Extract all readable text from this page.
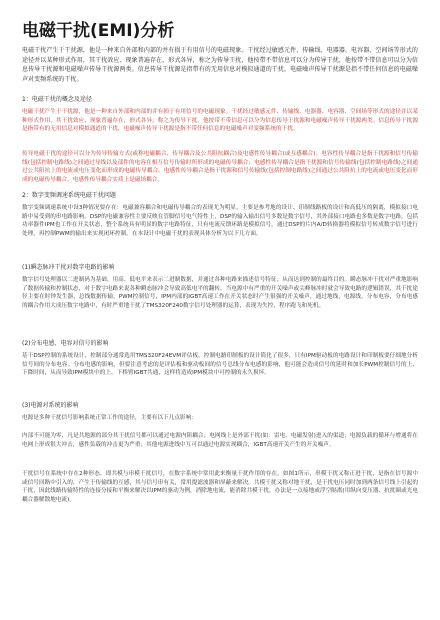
电磁干扰(EMI)分析

电磁干扰产生于干扰源，他是一种来自外部和内部的并有损于有用信号的电磁现象。干扰经过敏感元件、传输线、电器器、电容器、空间场等形式的途径并以某种形式作用，其干扰效应、现象普遍存在，形式各异，称之为传导干扰，他按带不带信息可以分为传导干扰，他按带不带信息可以分为信息传导干扰源和电磁噪声传导干扰源两类。信息传导干扰源是指带有的无用信息对模拟通道的干扰，电磁噪声传导干扰源是指不带任何信息的电磁噪声对变频系统的干扰。

1：电磁干扰的概念及途径

电磁干扰产生于干扰源，他是一种来自外部和内部的并有损于有用信号的电磁现象。干扰经过敏感元件、传输线、电器器、电容器、空间场等形式的途径并以某种形式作用，其干扰效应、现象普遍存在，形式各异，称之为传导干扰，他按带不带信息可以分为信息传导干扰源和电磁噪声传导干扰源两类。信息传导干扰源是指带有的无用信息对模拟通道的干扰，电磁噪声传导干扰源是指不带任何信息的电磁噪声对变频系统的干扰。

传导电磁干扰的途径可以分为传导传输方式(或称电磁耦合、传导耦合及公共阻抗耦合)及电感性传导耦合(或互感耦合)。电容性传导耦合是指干扰源和信号传输线(包括控制电路线)之间通过导线以及部件的电容在相互信号传输时所形成的电磁传导耦合；电感性传导耦合是指干扰源和信号传输线(包括控制电路线)之间通过公共阻抗上的电流或电压变化而形成的电磁传导耦合。电感性传导耦合是指干扰源和信号传输线(包括控制电路线)之间通过公共阻抗上的电流或电压变化而形成的电磁传导耦合，电感性传导耦合实质上是磁场耦合。

2：数字变频调速系统电磁干扰问题

数字变频调速系统中设3种情况要存在：电磁兼容耦合和电磁传导耦合的表现尤为明显，主要是参考地的设计、印制线路板的设计和高低压的隔离，模拟接口电路中易受到的串电路影响。DSP的电磁兼容性主要反映在管脚信号电气特性上，DSP的输入输出信号多数是数字信号，其外部接口电路也多数是数字电路，包括功率器件IPM也工作在开关状态，整个系统具有明显的数字电路特征，只有电流反馈环路是模拟信号，通过DSP的片内A/D转换器将模拟信号转成数字信号进行处理，再控制PWM的输出来实现闭环控制。在本设计中电磁干扰的表现具体分析为以下几方面。

(1)瞬态脉冲干扰对数字电路的影响

数字信号处理器以二进制码为基础。用高、低电平来表示二进制数据，并通过各种电路来描述信号特征；从而达到控制的最终目的。瞬态脉冲干扰对严重地影响了数据传输和控制状态，对于数字电路来说各种瞬态脉冲会导致高低电平的翻转，当电源中有严重的开关噪声或尖峰脉冲时就会导致电路的逻辑错误，其干扰途径主要在时钟发生器，总线数据传输，PWM控制信号，IPM内部的IGBT高速工作在开关状态时产生很强的开关噪声，通过地线，电源线，分布电容，分布电感的耦合作用大成压数字电路中，有时严重地干扰了TMS320F240数字信号处理器的运算，表现为失控，程序跑飞和死机。

(2)分布电感、电容对信号的影响

基于DSP控制的系统设计，控制部分通常选用TMS320F24EVM评估板，控制电路印制板的设计简化了很多，只有IPM驱动板的电路设计和印制板要仔细地分析信号间的分布电容。分布电感的影响，但要注意考虑的是评估板和驱动板间的信号总线分布电感的影响，他可能会造成信号的延时和加长PWM控制信号的上、下降时间，从而导致IPM模块中的上、下桥臂IGBT共通，这样将造成IPM模块中可控制的永久损坏。

(3)电源对系统的影响

电源是多种干扰信号影响系统正常工作的途径，主要有以下几点影响：

内部不可能为零，凡是共地源的部分其干扰信号都可以通过电源内阻耦合；电网线上是外部干扰(如：雷电、电磁发射)进入的渠道；电源负载的循环与增通将在电网上形成很大冲击，感性负载的冲击更为严重；其他电源进线中互可以通过电源实现耦合，IGBT高速开关产生的开关噪声。

干扰信号在系统中存在2种形态，即共模与串模干扰信号，在数字系统中常用此来衡量干扰作用的存在。如图1所示，串模干扰又称正进干扰，是指在信号源中或信号回路中引入的，产生于传输线的互感，其与信号串有关，常用提滤波器和屏蔽来解决。共模干扰又称对地干扰，是干扰电压同时加到两条信号线上引起的干扰，因此线路传输特性的连接分接和平衡来解决以IPM的驱动为例，消除地电流，能消除共模干扰，办法是一点接地或浮空隔离(用纵向变压器、抗扰圈或光电耦合器解散地电流)。
